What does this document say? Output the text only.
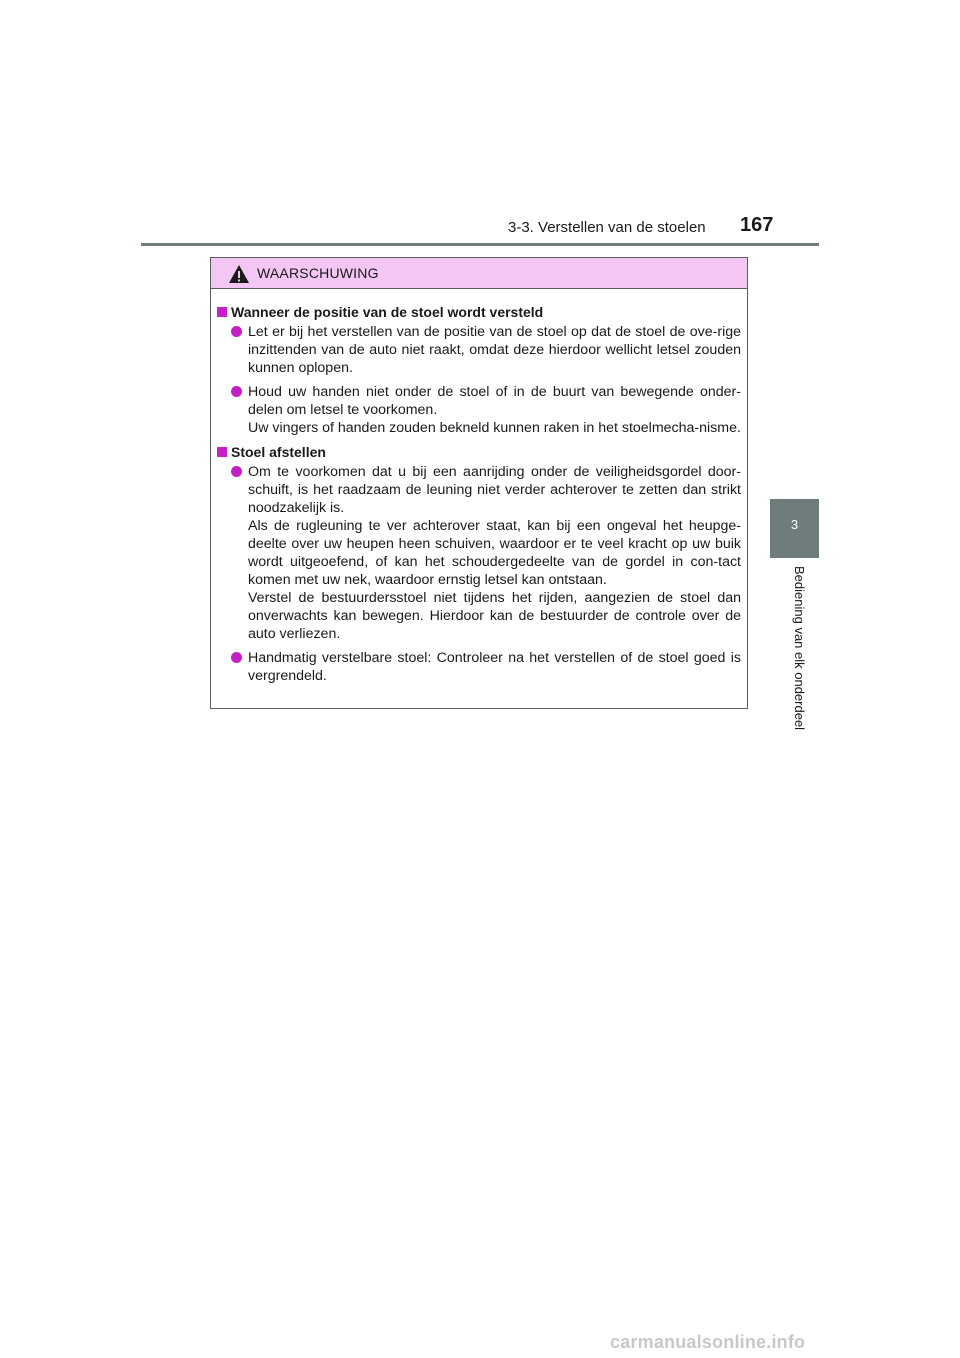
3-3. Verstellen van de stoelen 167
3
Bediening van elk onderdeel
WAARSCHUWING
Wanneer de positie van de stoel wordt versteld
Let er bij het verstellen van de positie van de stoel op dat de stoel de ove-rige inzittenden van de auto niet raakt, omdat deze hierdoor wellicht letsel zouden kunnen oplopen.
Houd uw handen niet onder de stoel of in de buurt van bewegende onder-delen om letsel te voorkomen.
Uw vingers of handen zouden bekneld kunnen raken in het stoelmecha-nisme.
Stoel afstellen
Om te voorkomen dat u bij een aanrijding onder de veiligheidsgordel door-schuift, is het raadzaam de leuning niet verder achterover te zetten dan strikt noodzakelijk is.
Als de rugleuning te ver achterover staat, kan bij een ongeval het heupge-deelte over uw heupen heen schuiven, waardoor er te veel kracht op uw buik wordt uitgeoefend, of kan het schoudergedeelte van de gordel in con-tact komen met uw nek, waardoor ernstig letsel kan ontstaan.
Verstel de bestuurdersstoel niet tijdens het rijden, aangezien de stoel dan onverwachts kan bewegen. Hierdoor kan de bestuurder de controle over de auto verliezen.
Handmatig verstelbare stoel: Controleer na het verstellen of de stoel goed is vergrendeld.
carmanualsonline.info
